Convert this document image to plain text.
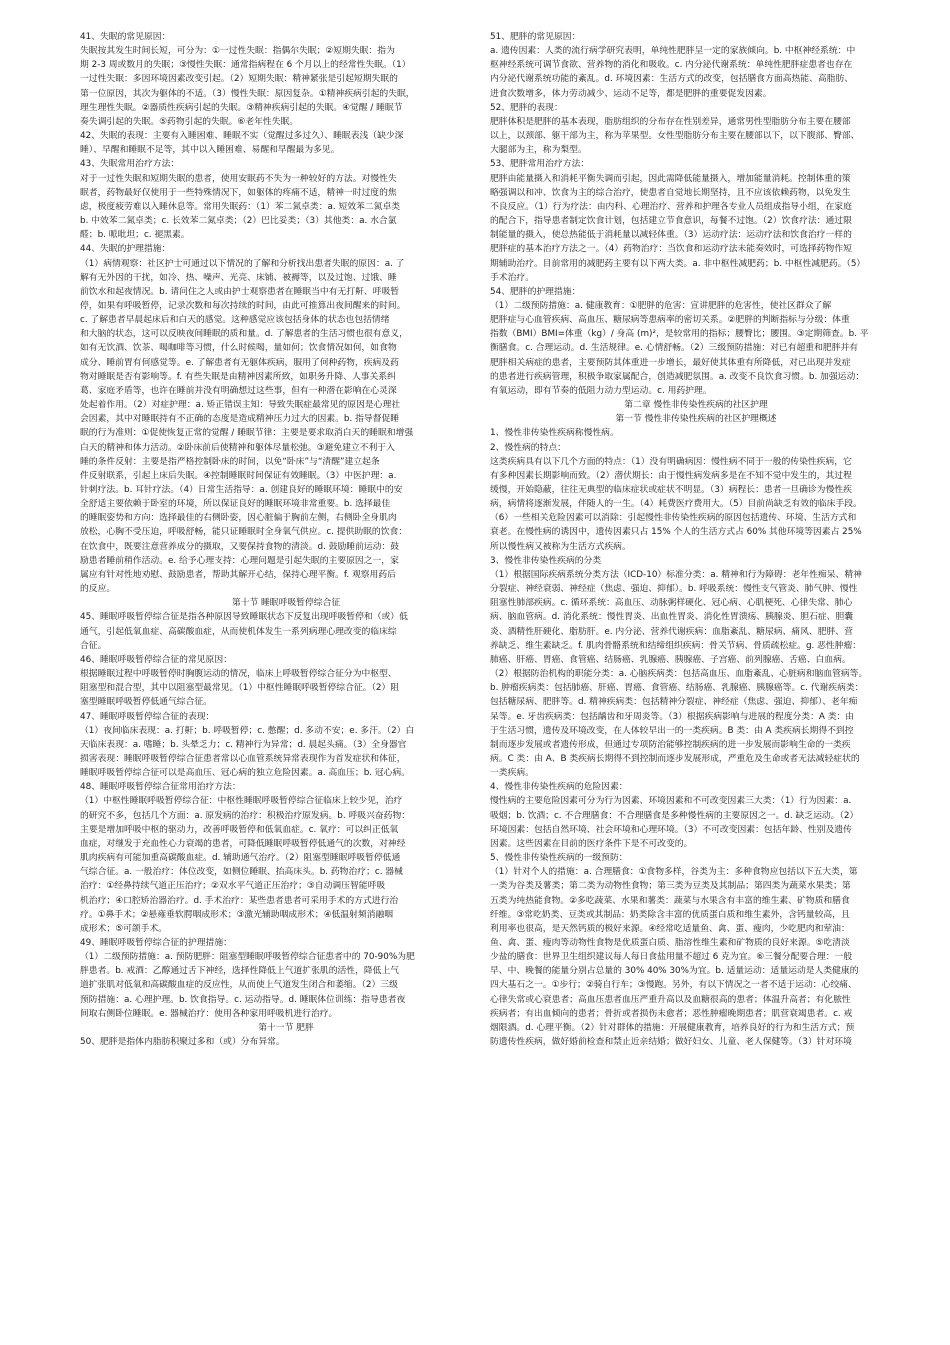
41、失眠的常见原因：
失眠按其发生时间长短，可分为：①一过性失眠：指偶尔失眠；②短期失眠：指为
期 2-3 周或数月的失眠；③慢性失眠：通常指病程在 6 个月以上的经常性失眠。（1）
一过性失眠：多因环境因素改变引起。（2）短期失眠：精神紧张是引起短期失眠的
第一位原因，其次为躯体的不适。（3）慢性失眠：原因复杂。①精神疾病引起的失眠，
理生理性失眠。②器质性疾病引起的失眠。③精神疾病引起的失眠。④觉醒 / 睡眠节
奏失调引起的失眠。⑤药物引起的失眠。⑥老年性失眠。
42、失眠的表现：主要有入睡困难、睡眠不实（觉醒过多过久）、睡眠表浅（缺少深
睡）、早醒和睡眠不足等，其中以入睡困难、易醒和早醒最为多见。
43、失眠常用治疗方法：
对于一过性失眠和短期失眠的患者，使用安眠药不失为一种较好的方法。对慢性失
眠者，药物最好仅使用于一些特殊情况下，如躯体的疼痛不适，精神一时过度的焦
虑，极度疲劳难以入睡休息等。常用失眠药：（1）苯二氮卓类：a. 短效苯二氮卓类
b. 中效苯二氮卓类；c. 长效苯二氮卓类；（2）巴比妥类；（3）其他类：a. 水合氯
醛；b. 哌吡坦；c. 褪黑素。
44、失眠的护理措施：
（1）病情观察：社区护士可通过以下情况的了解和分析找出患者失眠的原因：a. 了
解有无外因的干扰，如冷、热、噪声、光亮、床铺、被褥等，以及过饱、过饿、睡
前饮水和起夜情况。b. 请问住之人或由护士观察患者在睡眠当中有无打鼾、呼吸暂
停，如果有呼吸暂停，记录次数和每次持续的时间，由此可推算出夜间醒来的时间。
c. 了解患者早晨起床后和白天的感觉。这种感觉应该包括身体的状态也包括情绪
和大脑的状态，这可以反映夜间睡眠的质和量。d. 了解患者的生活习惯也很有意义，
如有无饮酒、饮茶、喝咖啡等习惯，什么时候喝，量如何；饮食情况如何，如食物
成分、睡前胃有何感觉等。e. 了解患者有无躯体疾病，服用了何种药物，疾病及药
物对睡眠是否有影响等。f. 有些失眠是由精神因素所致，如职务升降、人事关系纠
葛、家庭矛盾等，也许在睡前并没有明确想过这些事，但有一种潜在影响在心灵深
处起着作用。（2）对症护理：a. 矫正错误主知：导致失眠症最常见的原因是心理社
会因素，其中对睡眠持有不正确的态度是造成精神压力过大的因素。b. 指导督促睡
眠的行为准则：①促使恢复正常的觉醒 / 睡眠节律：主要是要求取消白天的睡眠和增强
白天的精神和体力活动。②卧床前后使精神和躯体尽量松弛。③避免建立不利于入
睡的条件反射：主要是指严格控制卧床的时间，以免“卧床”与“清醒”建立起条
件反射联系，引起上床后失眠。④控制睡眠时间保证有效睡眠。（3）中医护理：a.
针刺疗法。b. 耳针疗法。（4）日常生活指导：a. 创建良好的睡眠环境：睡眠中的安
全舒适主要依赖于卧室的环境，所以保证良好的睡眠环境非常重要。b. 选择最佳
的睡眠姿势和方向：选择最佳的右侧卧姿，因心脏偏于胸前左侧，右侧卧全身肌肉
放松，心胸不受压迫，呼吸舒畅，能只证睡眠时全身氧气供应。c. 提供助眠的饮食：
在饮食中，既要注意营养成分的摄取，又要保持食物的清淡。d. 鼓励睡前运动：鼓
励患者睡前稍作活动。e. 给予心理支持：心理问题是引起失眠的主要原因之一，家
属应有针对性地劝慰、鼓励患者，帮助其解开心结，保持心理平衡。f. 观察用药后
的反应。
第十节 睡眠呼吸暂停综合征
45、睡眠呼吸暂停综合征是指各种原因导致睡眠状态下反复出现呼吸暂停和（或）低
通气，引起低氧血症、高碳酸血症，从而使机体发生一系列病理心理改变的临床综
合征。
46、睡眠呼吸暂停综合征的常见原因：
根据睡眠过程中呼吸暂停时胸腹运动的情况，临床上呼吸暂停综合征分为中枢型、
阻塞型和混合型，其中以阻塞型最常见。（1）中枢性睡眠呼吸暂停综合征。（2）阻
塞型睡眠呼吸暂停低通气综合征。
47、睡眠呼吸暂停综合征的表现：
（1）夜间临床表现：a. 打鼾；b. 呼吸暂停；c. 憋醒；d. 多动不安；e. 多汗。（2）白
天临床表现：a. 嗜睡；b. 头晕乏力；c. 精神行为异常；d. 晨起头痛。（3）全身器官
损害表现：睡眠呼吸暂停综合征患者常以心血管系统异常表现作为首发症状和体征，
睡眠呼吸暂停综合征可以是高血压、冠心病的独立危险因素。a. 高血压；b. 冠心病。
48、睡眠呼吸暂停综合征常用治疗方法：
（1）中枢性睡眠呼吸暂停综合征：中枢性睡眠呼吸暂停综合征临床上较少见，治疗
的研究不多，包括几个方面：a. 原发病的治疗：积极治疗原发病。b. 呼吸兴奋药物：
主要是增加呼吸中枢的驱动力，改善呼吸暂停和低氧血症。c. 氧疗：可以纠正低氧
血症，对继发于充血性心力衰竭的患者，可降低睡眠呼吸暂停低通气的次数，对神经
肌肉疾病有可能加重高碳酸血症。d. 辅助通气治疗。（2）阻塞型睡眠呼吸暂停低通
气综合征。a. 一般治疗：体位改变，如侧位睡眠、抬高床头。b. 药物治疗；c. 器械
治疗：①经鼻持续气道正压治疗；②双水平气道正压治疗；③自动调压智能呼吸
机治疗；④口腔矫治器治疗。d. 手术治疗：某些患者患者可采用手术的方式进行治
疗。①鼻手术；②悬雍垂软腭咽成形术；③激光辅助咽成形术；④低温射频消融咽
成形术；⑤可颌手术。
49、睡眠呼吸暂停综合征的护理措施：
（1）二级预防措施：a. 预防肥胖：阻塞型睡眠呼吸暂停综合征患者中的 70-90%为肥
胖患者。b. 戒酒：乙醇通过舌下神经，选择性降低上气道扩张肌的活性，降低上气
道扩张肌对低氧和高碳酸血症的反应性，从而使上气道发生闭合和萎缩。（2）三级
预防措施：a. 心理护理。b. 饮食指导。c. 运动指导。d. 睡眠体位训练：指导患者夜
间取右侧卧位睡眠。e. 器械治疗：使用各种家用呼吸机进行治疗。
第十一节 肥胖
50、肥胖是指体内脂肪积聚过多和（或）分布异常。
51、肥胖的常见原因：
a. 遗传因素：人类的流行病学研究表明，单纯性肥胖呈一定的家族倾向。b. 中枢神经系统：中
枢神经系统可调节食欲、营养物的消化和吸收。c. 内分泌代谢系统：单纯性肥胖症患者也存在
内分泌代谢系统功能的紊乱。d. 环境因素：生活方式的改变，包括膳食方面高热能、高脂肪、
进食次数增多，体力劳动减少、运动不足等，都是肥胖的重要促发因素。
52、肥胖的表现：
肥胖体积是肥胖的基本表现，脂肪组织的分布存在性别差异，通常男性型脂肪分布主要在腰部
以上，以颈部、躯干部为主，称为苹果型。女性型脂肪分布主要在腰部以下，以下腹部、臀部、
大腿部为主，称为梨型。
53、肥胖常用治疗方法：
肥胖由能量摄入和消耗平衡失调而引起，因此需降低能量摄入，增加能量消耗。控制体重的策
略强调以和冲、饮食为主的综合治疗，使患者自觉地长期坚持，且不应该依赖药物，以免发生
不良反应。（1）行为疗法：由内科、心理治疗、营养和护理各专业人员组成指导小组，在家庭
的配合下，指导患者制定饮食计划，包括建立节食意识，每餐不过饱。（2）饮食疗法：通过限
制能量的摄入，使总热能低于消耗量以减轻体重。（3）运动疗法：运动疗法和饮食治疗一样的
肥胖症的基本治疗方法之一。（4）药物治疗：当饮食和运动疗法未能奏效时，可选择药物作短
期辅助治疗。目前常用的减肥药主要有以下两大类。a. 非中枢性减肥药；b. 中枢性减肥药。（5）
手术治疗。
54、肥胖的护理措施：
（1）二级预防措施：a. 健康教育：①肥胖的危害：宣讲肥胖的危害性，使社区群众了解
肥胖症与心血管疾病、高血压、糖尿病等患病率的密切关系。②肥胖的判断指标与分级：体重
指数（BMI）BMI=体重（kg）/ 身高 (m)²，是较常用的指标；腰臀比；腰围。③定期筛查。b. 平
衡膳食。c. 合理运动。d. 生活规律。e. 心情舒畅。（2）三级预防措施：对已有超重和肥胖并有
肥胖相关病症的患者，主要预防其体重进一步增长，最好使其体重有所降低，对已出现并发症
的患者进行疾病管理，积极争取家属配合，创造减肥氛围。a. 改变不良饮食习惯。b. 加强运动：
有氧运动，即有节奏的低阻力动力型运动。c. 用药护理。
第二章 慢性非传染性疾病的社区护理
第一节 慢性非传染性疾病的社区护理概述
1、慢性非传染性疾病称慢性病。
2、慢性病的特点：
这类疾病具有以下几个方面的特点：（1）没有明确病因：慢性病不同于一般的传染性疾病，它
有多种因素长期影响而致。（2）潜伏期长：由于慢性病发病多是在不知不觉中发生的，其过程
缓慢，开始隐蔽，往往无典型的临床症状或症状不明显。（3）病程长：患者一旦确诊为慢性疾
病，病情将逐渐发展，伴随人的一生。（4）耗费医疗费用大。（5）目前尚缺乏有效的临床手段。
（6）一些相关危险因素可以消除：引起慢性非传染性疾病的原因包括遗传、环境、生活方式和
衰老。在慢性病的诱因中，遗传因素只占 15% 个人的生活方式占 60% 其他环境等因素占 25%
所以慢性病又被称为生活方式疾病。
3、慢性非传染性疾病的分类
（1）根据国际疾病系统分类方法（ICD-10）标准分类：a. 精神和行为障碍：老年性痴呆、精神
分裂症、神经衰弱、神经症（焦虑、强迫、抑郁）。b. 呼吸系统：慢性支气管炎、肺气肿、慢性
阻塞性肺部疾病。c. 循环系统：高血压、动脉粥样硬化、冠心病、心肌梗死、心律失常、肺心
病、脑血管病。d. 消化系统：慢性胃炎、出血性胃炎、消化性胃溃疡、胰腺炎、胆石症、胆囊
炎、酒精性肝硬化、脂肪肝。e. 内分泌、营养代谢疾病：血脂紊乱、糖尿病、痛风、肥胖、营
养缺乏、维生素缺乏。f. 肌肉骨骼系统和结缔组织疾病：骨关节病、骨质疏松症。g. 恶性肿瘤：
肺癌、肝癌、胃癌、食管癌、结肠癌、乳腺癌、胰腺癌、子宫癌、前列腺癌、舌癌、白血病。
（2）根据防治机构的职能分类：a. 心脑疾病类：包括高血压、血脂紊乱、心脏病和脑血管病等。
b. 肿瘤疾病类：包括肺癌、肝癌、胃癌、食管癌、结肠癌、乳腺癌、胰腺癌等。c. 代谢疾病类：
包括糖尿病、肥胖等。d. 精神疾病类：包括精神分裂症、神经症（焦虑、强迫、抑郁）、老年痴
呆等。e. 牙齿疾病类：包括龋齿和牙周炎等。（3）根据疾病影响与进展的程度分类：A 类：由
于生活习惯，遗传及环境改变，在人体较早出一的一类疾病。B 类：由 A 类疾病长期得不到控
制而逐步发展或者遗传形成，但通过专项防治能够控制疾病的进一步发展而影响生命的一类疾
病。C 类：由 A、B 类疾病长期得不到控制而逐步发展形成，严重危及生命或者无法减轻症状的
一类疾病。
4、慢性非传染性疾病的危险因素：
慢性病的主要危险因素可分为行为因素、环境因素和不可改变因素三大类：（1）行为因素：a.
吸烟；b. 饮酒；c. 不合理膳食：不合理膳食是多种慢性病的主要原因之一。d. 缺乏运动。（2）
环境因素：包括自然环境、社会环境和心理环境。（3）不可改变因素：包括年龄、性别及遗传
因素。这些因素在目前的医疗条件下是不可改变的。
5、慢性非传染性疾病的一级预防：
（1）针对个人的措施：a. 合理膳食：①食物多样，谷类为主：多种食物应包括以下五大类，第
一类为谷类及薯类；第二类为动物性食物；第三类为豆类及其制品；第四类为蔬菜水果类；第
五类为纯热能食物。②多吃蔬菜、水果和薯类：蔬菜与水果含有丰富的维生素、矿物质和膳食
纤维。③常吃奶类、豆类或其制品：奶类除含丰富的优质蛋白质和维生素外，含钙量较高，且
利用率也很高，是天然钙质的极好来源。④经常吃适量鱼、禽、蛋、瘦肉，少吃肥肉和荤油：
鱼、禽、蛋、瘦肉等动物性食物是优质蛋白质、脂溶性维生素和矿物质的良好来源。⑤吃清淡
少盐的膳食：世界卫生组织建议每人每日食盐用量不超过 6 克为宜。⑥三餐分配要合理：一般
早、中、晚餐的能量分别占总量的 30% 40% 30%为宜。b. 适量运动：适量运动是人类健康的
四大基石之一。①步行；②骑自行车；③慢跑。另外，有以下情况之一者不适于运动：心绞痛、
心律失常或心衰患者；高血压患者血压严重升高以及血糖很高的患者；体温升高者；有化脓性
疾病者；有出血倾向的患者；骨折或者损伤未愈者；恶性肿瘤晚期患者；肌营衰竭患者。c. 戒
烟限酒。d. 心理平衡。（2）针对群体的措施：开展健康教育，培养良好的行为和生活方式；预
防遗传性疾病，做好婚前检查和禁止近亲结婚；做好妇女、儿童、老人保健等。（3）针对环境
